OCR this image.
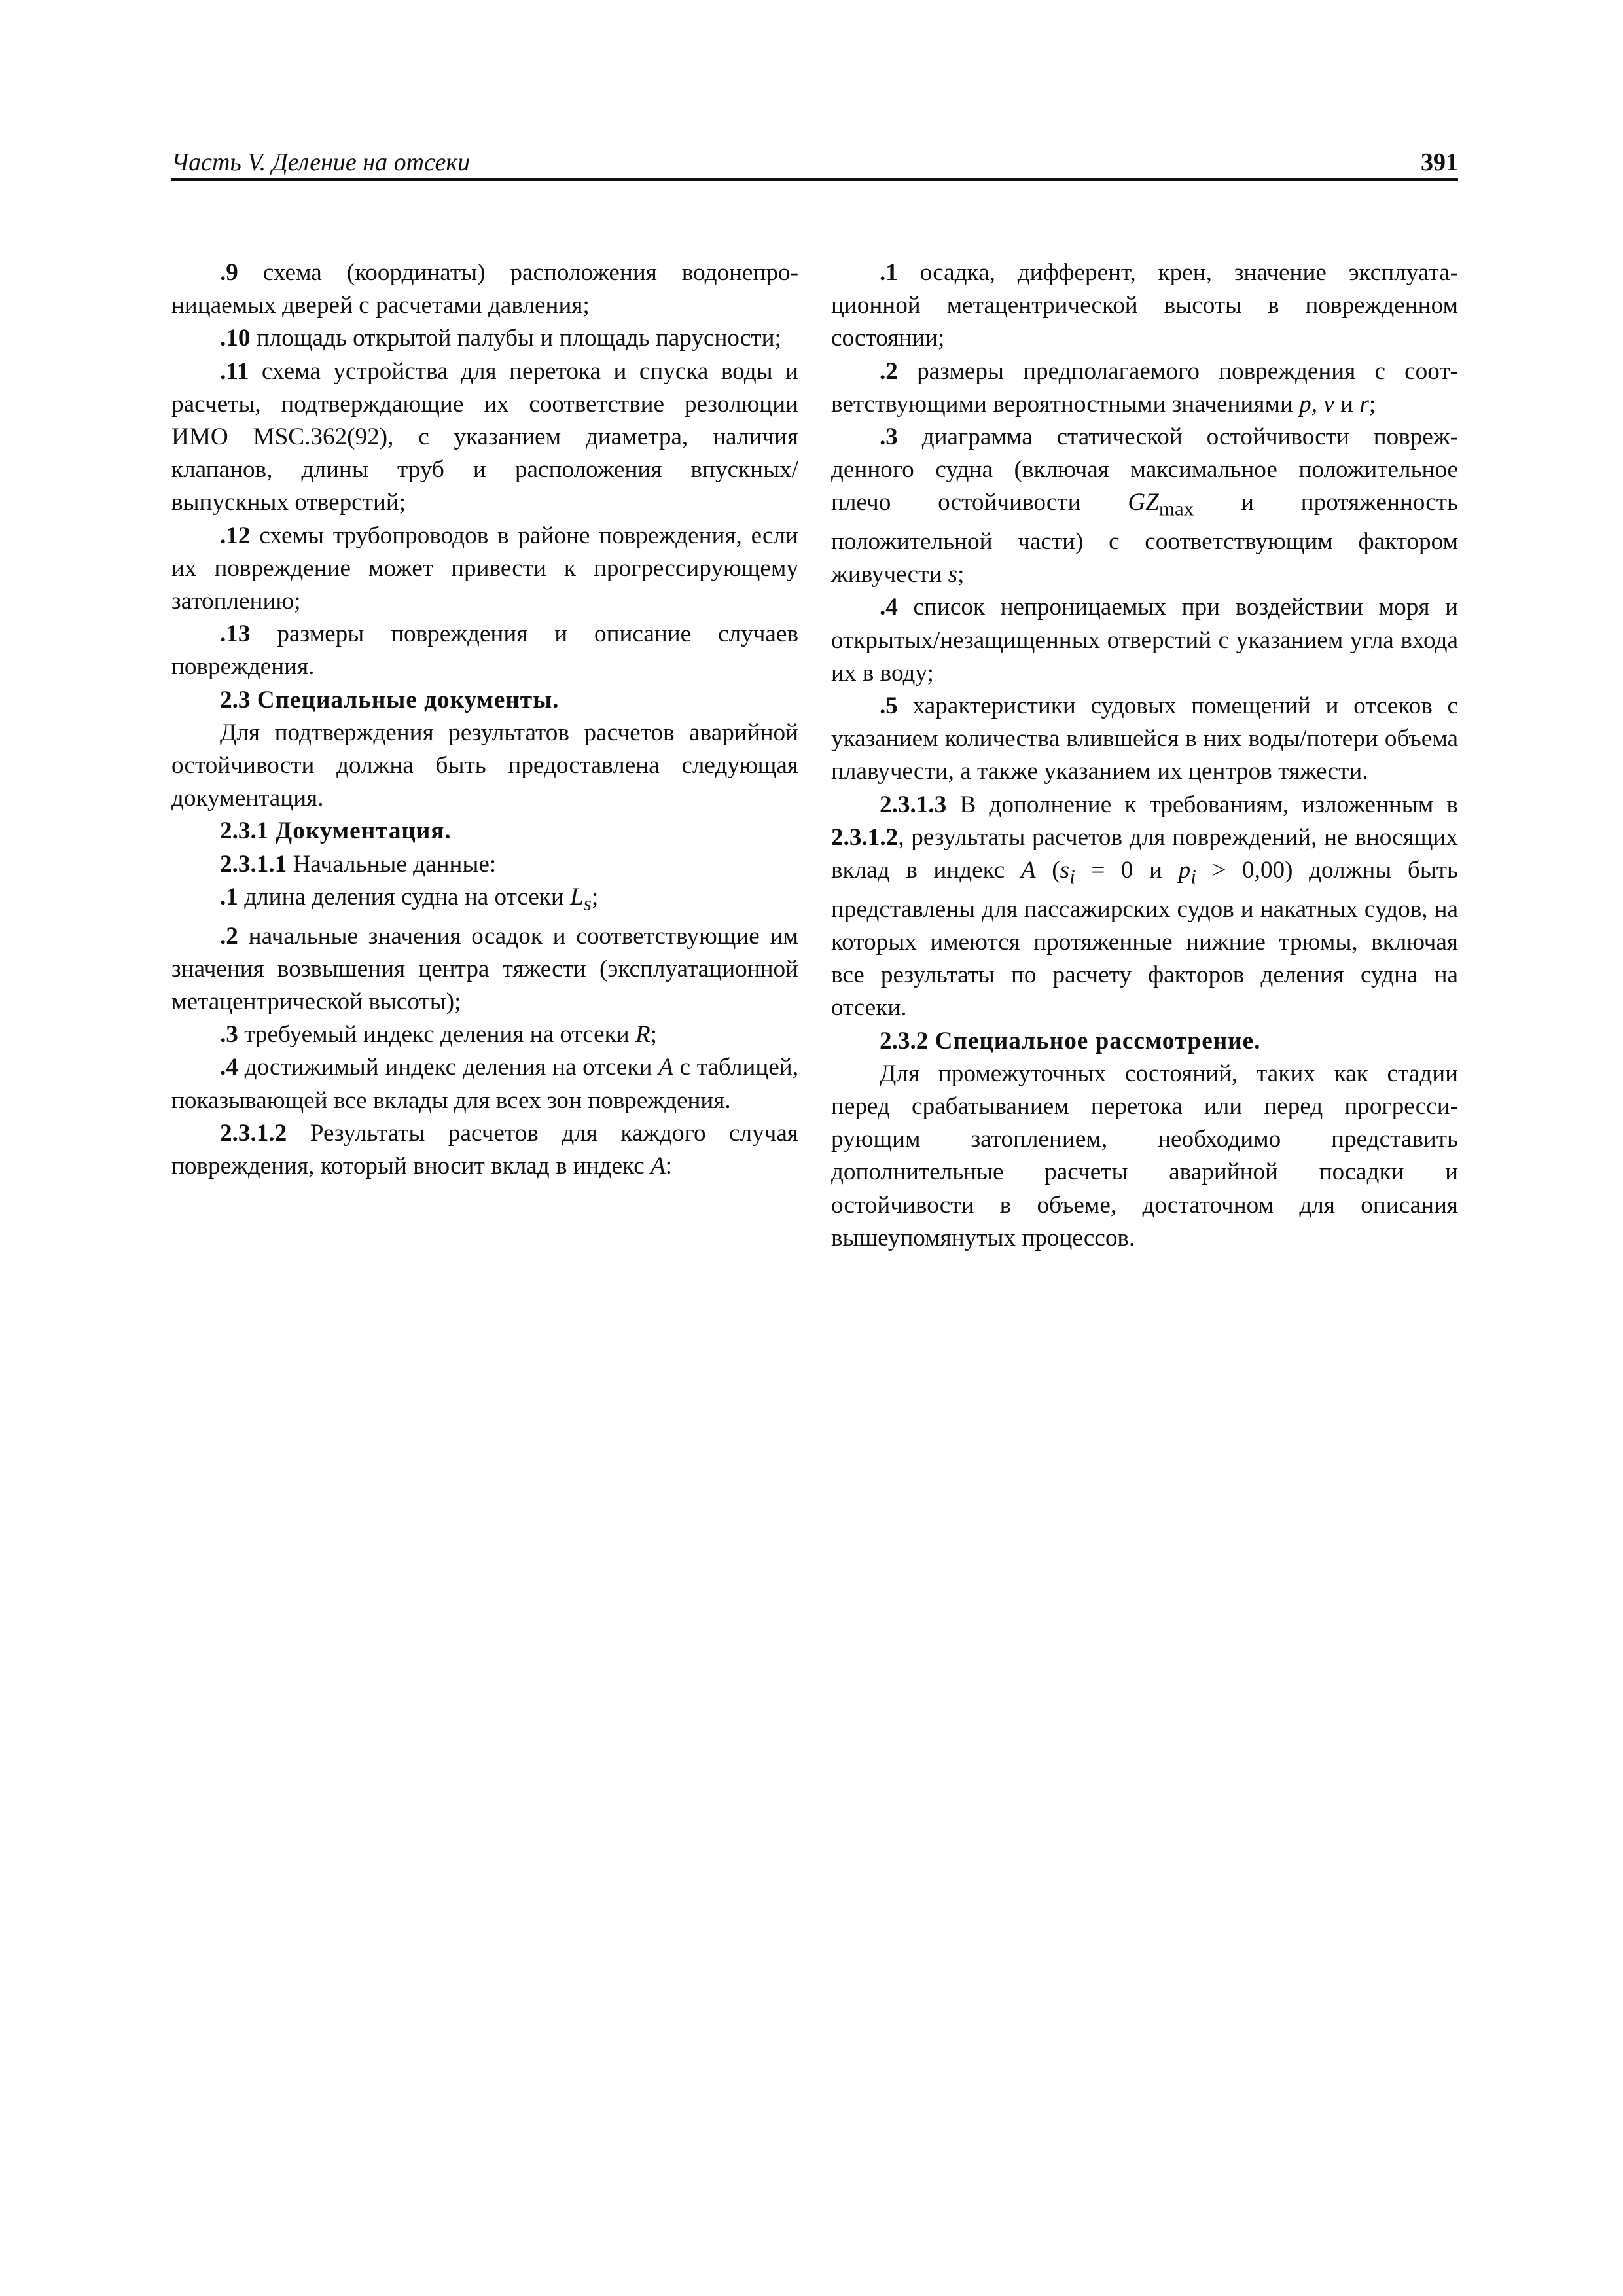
Часть V. Деление на отсеки	391

.9 схема (координаты) расположения водонепроницаемых дверей с расчетами давления;

.10 площадь открытой палубы и площадь парусности;

.11 схема устройства для перетока и спуска воды и расчеты, подтверждающие их соответствие резолюции ИМО MSC.362(92), с указанием диаметра, наличия клапанов, длины труб и расположения впускных/выпускных отверстий;

.12 схемы трубопроводов в районе повреждения, если их повреждение может привести к прогрессирующему затоплению;

.13 размеры повреждения и описание случаев повреждения.

2.3 Специальные документы.

Для подтверждения результатов расчетов аварийной остойчивости должна быть предоставлена следующая документация.

2.3.1 Документация.

2.3.1.1 Начальные данные:

.1 длина деления судна на отсеки $L_s$;

.2 начальные значения осадок и соответствующие им значения возвышения центра тяжести (эксплуатационной метацентрической высоты);

.3 требуемый индекс деления на отсеки R;

.4 достижимый индекс деления на отсеки A с таблицей, показывающей все вклады для всех зон повреждения.

2.3.1.2 Результаты расчетов для каждого случая повреждения, который вносит вклад в индекс A:

.1 осадка, дифферент, крен, значение эксплуатационной метацентрической высоты в поврежденном состоянии;

.2 размеры предполагаемого повреждения с соответствующими вероятностными значениями p, v и r;

.3 диаграмма статической остойчивости поврежденного судна (включая максимальное положительное плечо остойчивости $GZ_{max}$ и протяженность положительной части) с соответствующим фактором живучести s;

.4 список непроницаемых при воздействии моря и открытых/незащищенных отверстий с указанием угла входа их в воду;

.5 характеристики судовых помещений и отсеков с указанием количества влившейся в них воды/потери объема плавучести, а также указанием их центров тяжести.

2.3.1.3 В дополнение к требованиям, изложенным в 2.3.1.2, результаты расчетов для повреждений, не вносящих вклад в индекс A ($s_i = 0$ и $p_i > 0,00$) должны быть представлены для пассажирских судов и накатных судов, на которых имеются протяженные нижние трюмы, включая все результаты по расчету факторов деления судна на отсеки.

2.3.2 Специальное рассмотрение.

Для промежуточных состояний, таких как стадии перед срабатыванием перетока или перед прогрессирующим затоплением, необходимо представить дополнительные расчеты аварийной посадки и остойчивости в объеме, достаточном для описания вышеупомянутых процессов.
